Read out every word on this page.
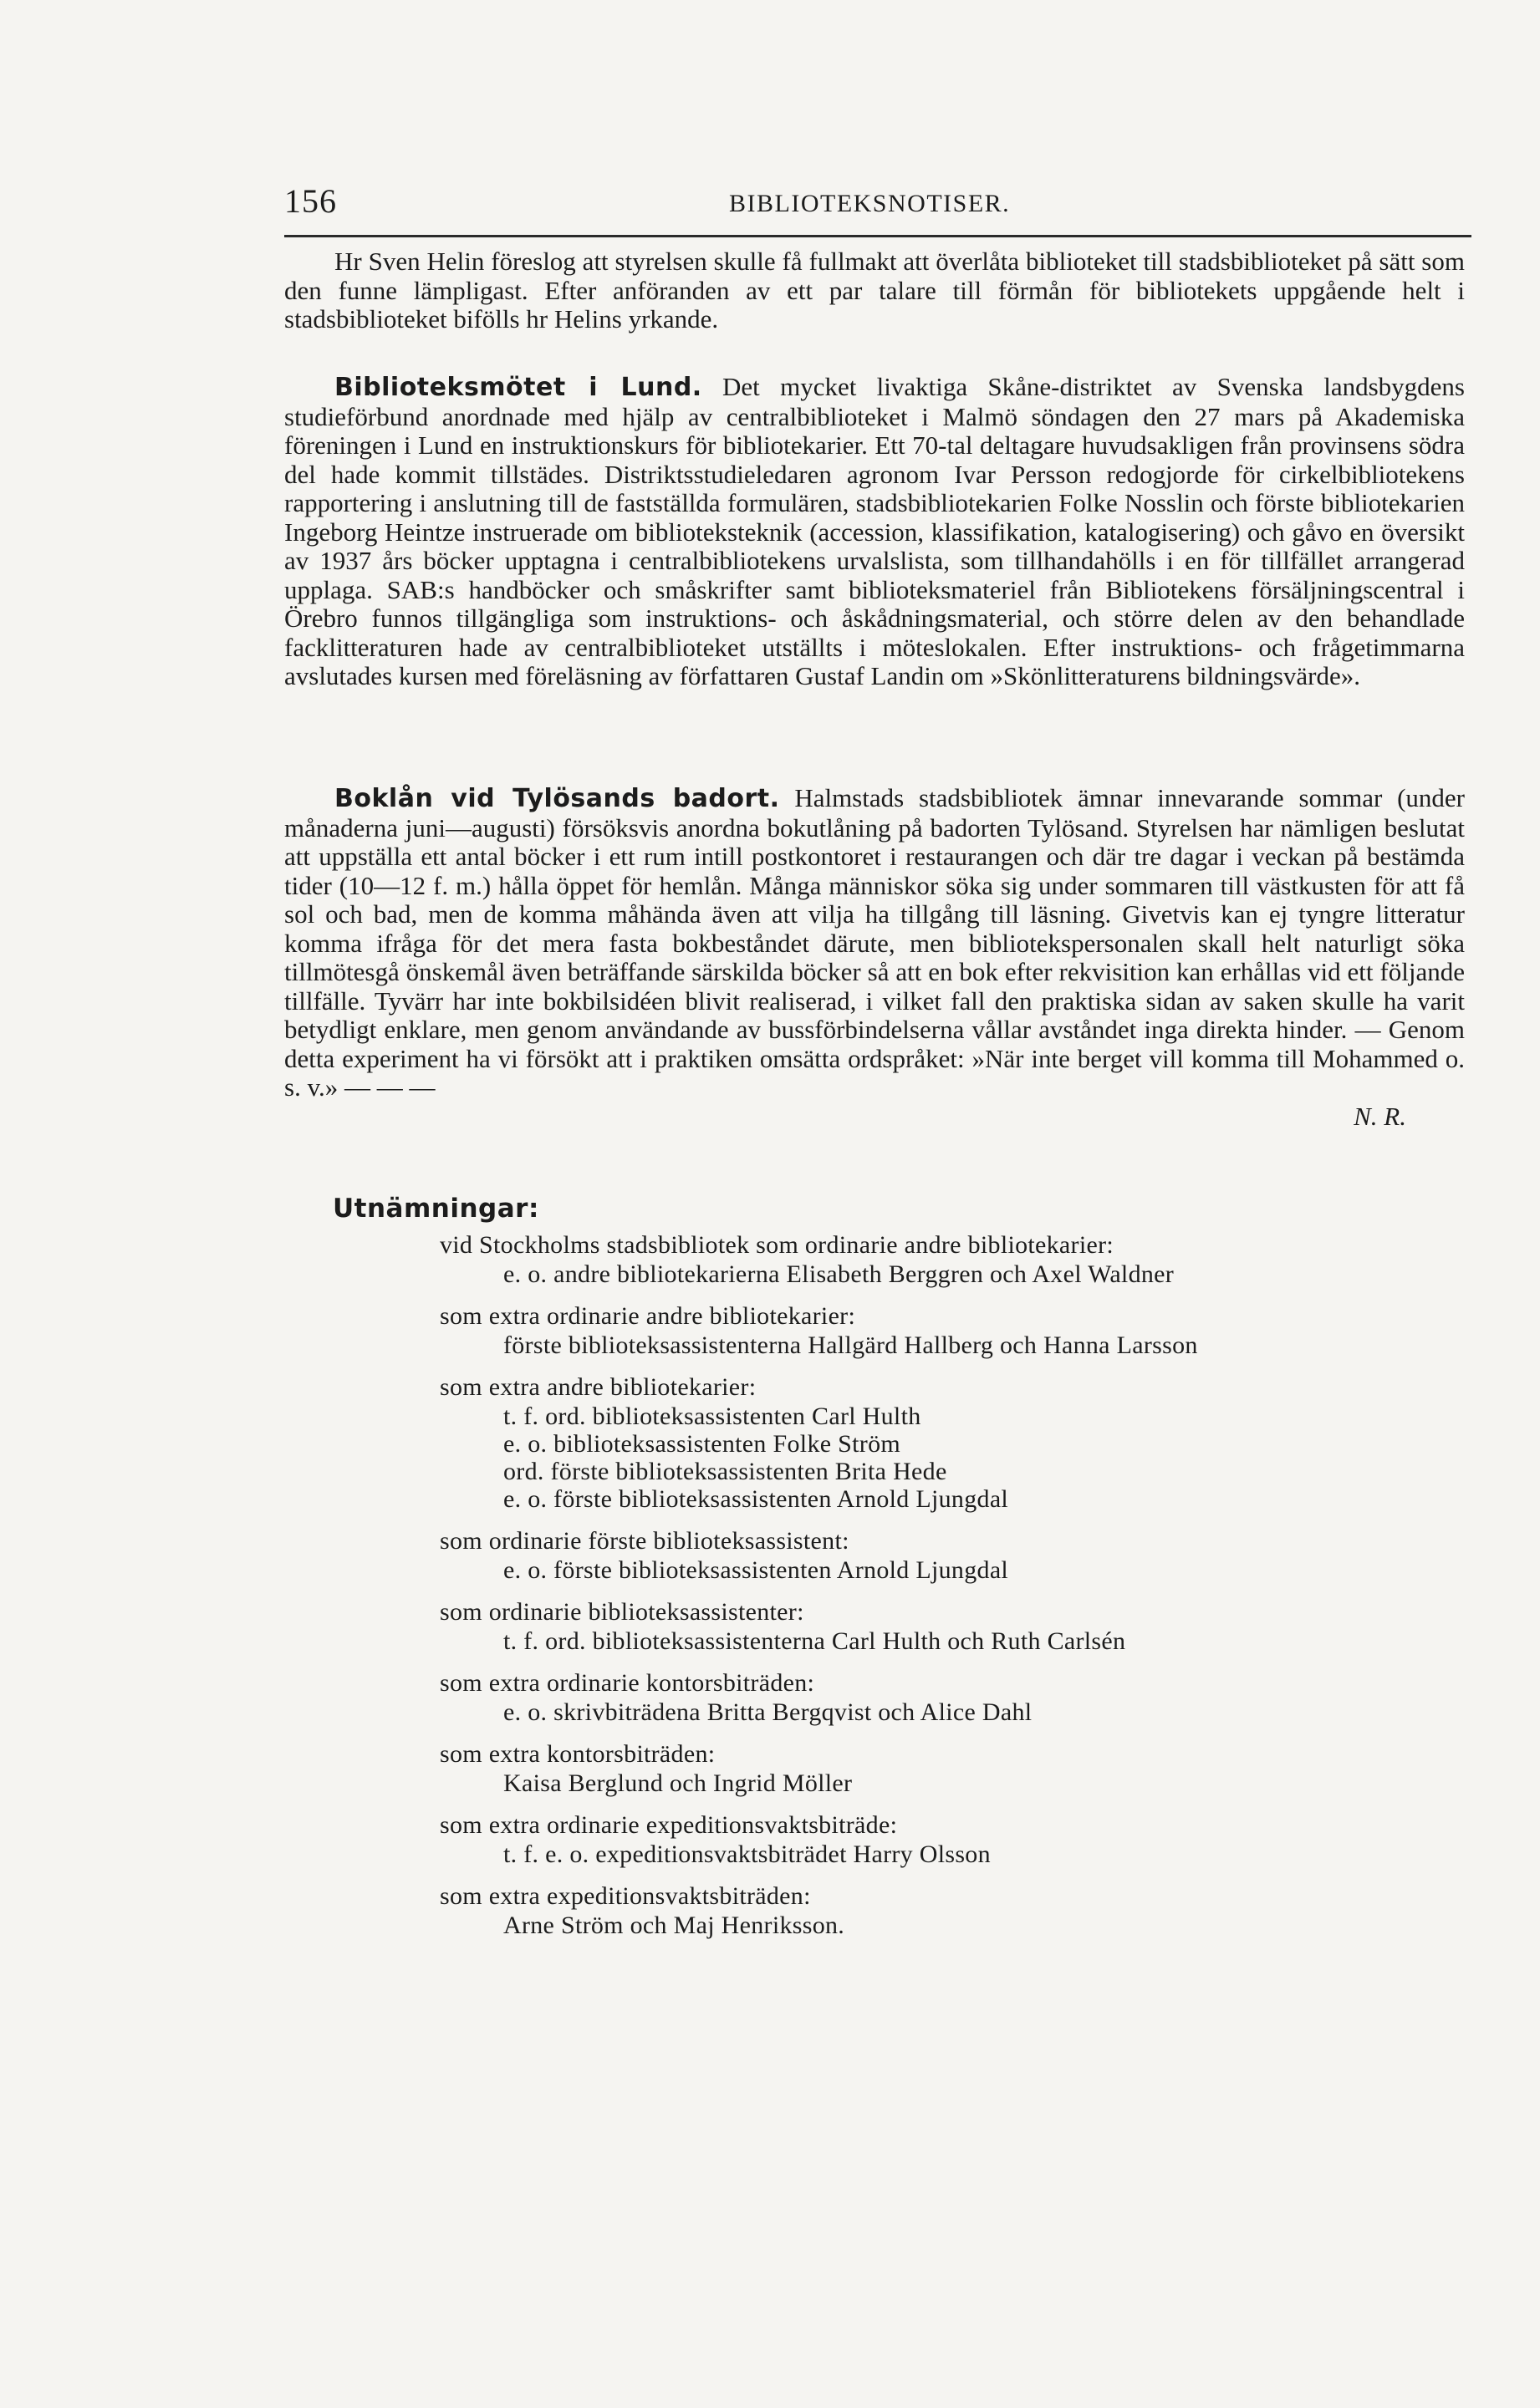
156	BIBLIOTEKSNOTISER.

Hr Sven Helin föreslog att styrelsen skulle få fullmakt att överlåta biblioteket till stadsbiblioteket på sätt som den funne lämpligast. Efter anföranden av ett par talare till förmån för bibliotekets uppgående helt i stadsbiblioteket bifölls hr Helins yrkande.

Biblioteksmötet i Lund. Det mycket livaktiga Skåne-distriktet av Svenska landsbygdens studieförbund anordnade med hjälp av centralbiblioteket i Malmö söndagen den 27 mars på Akademiska föreningen i Lund en instruktionskurs för bibliotekarier. Ett 70-tal deltagare huvudsakligen från provinsens södra del hade kommit tillstädes. Distriktsstudieledaren agronom Ivar Persson redogjorde för cirkelbibliotekens rapportering i anslutning till de fastställda formulären, stadsbibliotekarien Folke Nosslin och förste bibliotekarien Ingeborg Heintze instruerade om biblioteksteknik (accession, klassifikation, katalogisering) och gåvo en översikt av 1937 års böcker upptagna i centralbibliotekens urvalslista, som tillhandahölls i en för tillfället arrangerad upplaga. SAB:s handböcker och småskrifter samt biblioteksmateriel från Bibliotekens försäljningscentral i Örebro funnos tillgängliga som instruktions- och åskådningsmaterial, och större delen av den behandlade facklitteraturen hade av centralbiblioteket utställts i möteslokalen. Efter instruktions- och frågetimmarna avslutades kursen med föreläsning av författaren Gustaf Landin om »Skönlitteraturens bildningsvärde».

Boklån vid Tylösands badort. Halmstads stadsbibliotek ämnar innevarande sommar (under månaderna juni—augusti) försöksvis anordna bokutlåning på badorten Tylösand. Styrelsen har nämligen beslutat att uppställa ett antal böcker i ett rum intill postkontoret i restaurangen och där tre dagar i veckan på bestämda tider (10—12 f. m.) hålla öppet för hemlån. Många människor söka sig under sommaren till västkusten för att få sol och bad, men de komma måhända även att vilja ha tillgång till läsning. Givetvis kan ej tyngre litteratur komma ifråga för det mera fasta bokbeståndet därute, men bibliotekspersonalen skall helt naturligt söka tillmötesgå önskemål även beträffande särskilda böcker så att en bok efter rekvisition kan erhållas vid ett följande tillfälle. Tyvärr har inte bokbilsidéen blivit realiserad, i vilket fall den praktiska sidan av saken skulle ha varit betydligt enklare, men genom användande av bussförbindelserna vållar avståndet inga direkta hinder. — Genom detta experiment ha vi försökt att i praktiken omsätta ordspråket: »När inte berget vill komma till Mohammed o. s. v.» — — —

N. R.
Utnämningar:
vid Stockholms stadsbibliotek som ordinarie andre bibliotekarier:
e. o. andre bibliotekarierna Elisabeth Berggren och Axel Waldner
som extra ordinarie andre bibliotekarier:
förste biblioteksassistenterna Hallgärd Hallberg och Hanna Larsson
som extra andre bibliotekarier:
t. f. ord. biblioteksassistenten Carl Hulth
e. o. biblioteksassistenten Folke Ström
ord. förste biblioteksassistenten Brita Hede
e. o. förste biblioteksassistenten Arnold Ljungdal
som ordinarie förste biblioteksassistent:
e. o. förste biblioteksassistenten Arnold Ljungdal
som ordinarie biblioteksassistenter:
t. f. ord. biblioteksassistenterna Carl Hulth och Ruth Carlsén
som extra ordinarie kontorsbiträden:
e. o. skrivbiträdena Britta Bergqvist och Alice Dahl
som extra kontorsbiträden:
Kaisa Berglund och Ingrid Möller
som extra ordinarie expeditionsvaktsbiträde:
t. f. e. o. expeditionsvaktsbiträdet Harry Olsson
som extra expeditionsvaktsbiträden:
Arne Ström och Maj Henriksson.
